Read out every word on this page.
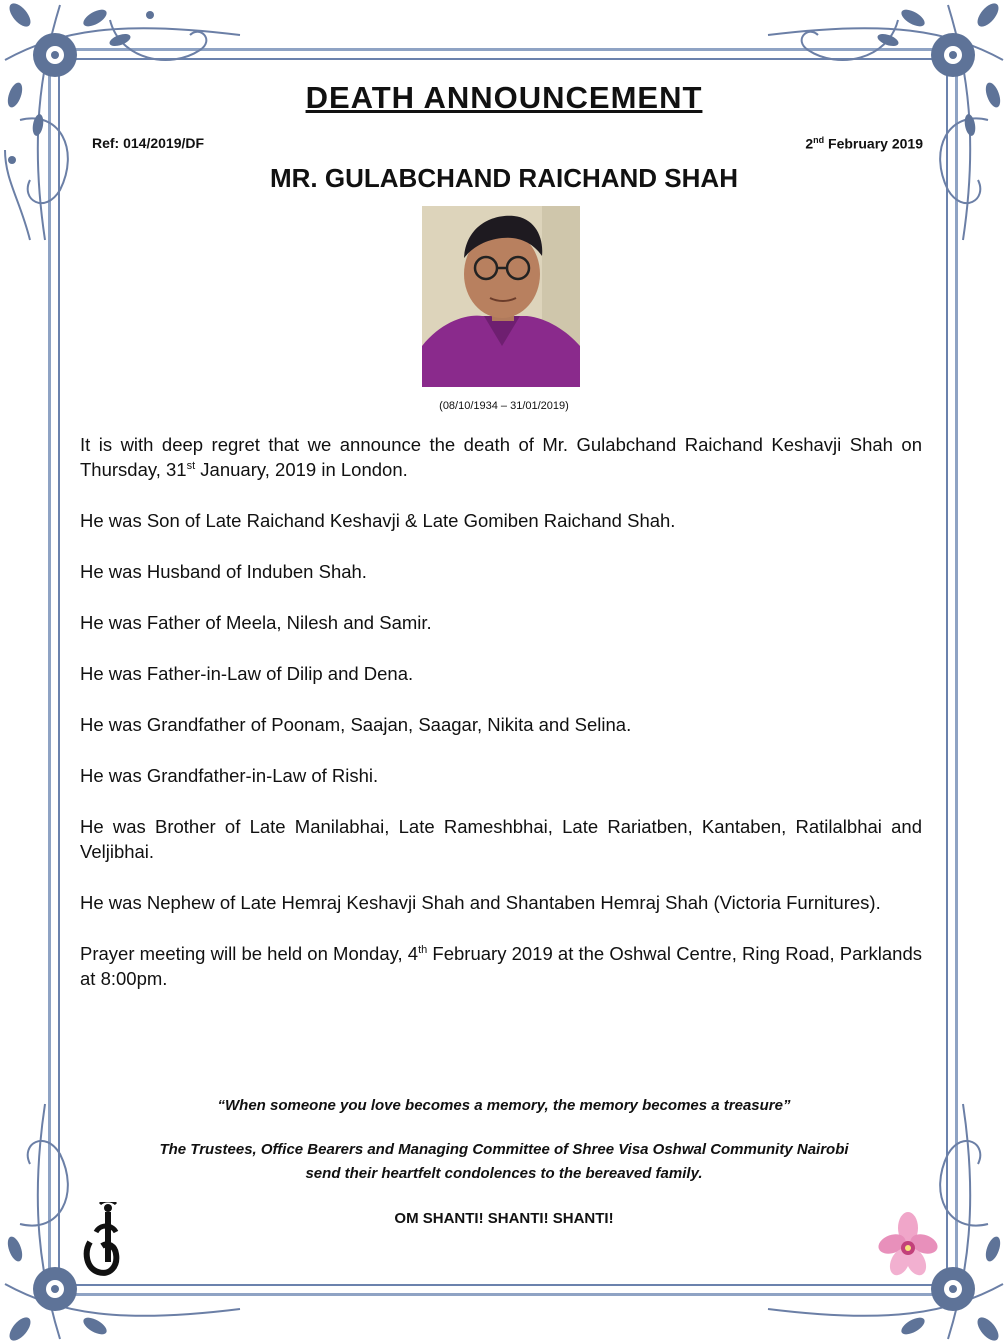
DEATH ANNOUNCEMENT
Ref: 014/2019/DF	2nd February 2019
MR. GULABCHAND RAICHAND SHAH
(08/10/1934 – 31/01/2019)

It is with deep regret that we announce the death of Mr. Gulabchand Raichand Keshavji Shah on Thursday, 31st January, 2019 in London.

He was Son of Late Raichand Keshavji & Late Gomiben Raichand Shah.

He was Husband of Induben Shah.

He was Father of Meela, Nilesh and Samir.

He was Father-in-Law of Dilip and Dena.

He was Grandfather of Poonam, Saajan, Saagar, Nikita and Selina.

He was Grandfather-in-Law of Rishi.

He was Brother of Late Manilabhai, Late Rameshbhai, Late Rariatben, Kantaben, Ratilalbhai and Veljibhai.

He was Nephew of Late Hemraj Keshavji Shah and Shantaben Hemraj Shah (Victoria Furnitures).

Prayer meeting will be held on Monday, 4th February 2019 at the Oshwal Centre, Ring Road, Parklands at 8:00pm.

“When someone you love becomes a memory, the memory becomes a treasure”
The Trustees, Office Bearers and Managing Committee of Shree Visa Oshwal Community Nairobi
send their heartfelt condolences to the bereaved family.
OM SHANTI! SHANTI! SHANTI!
